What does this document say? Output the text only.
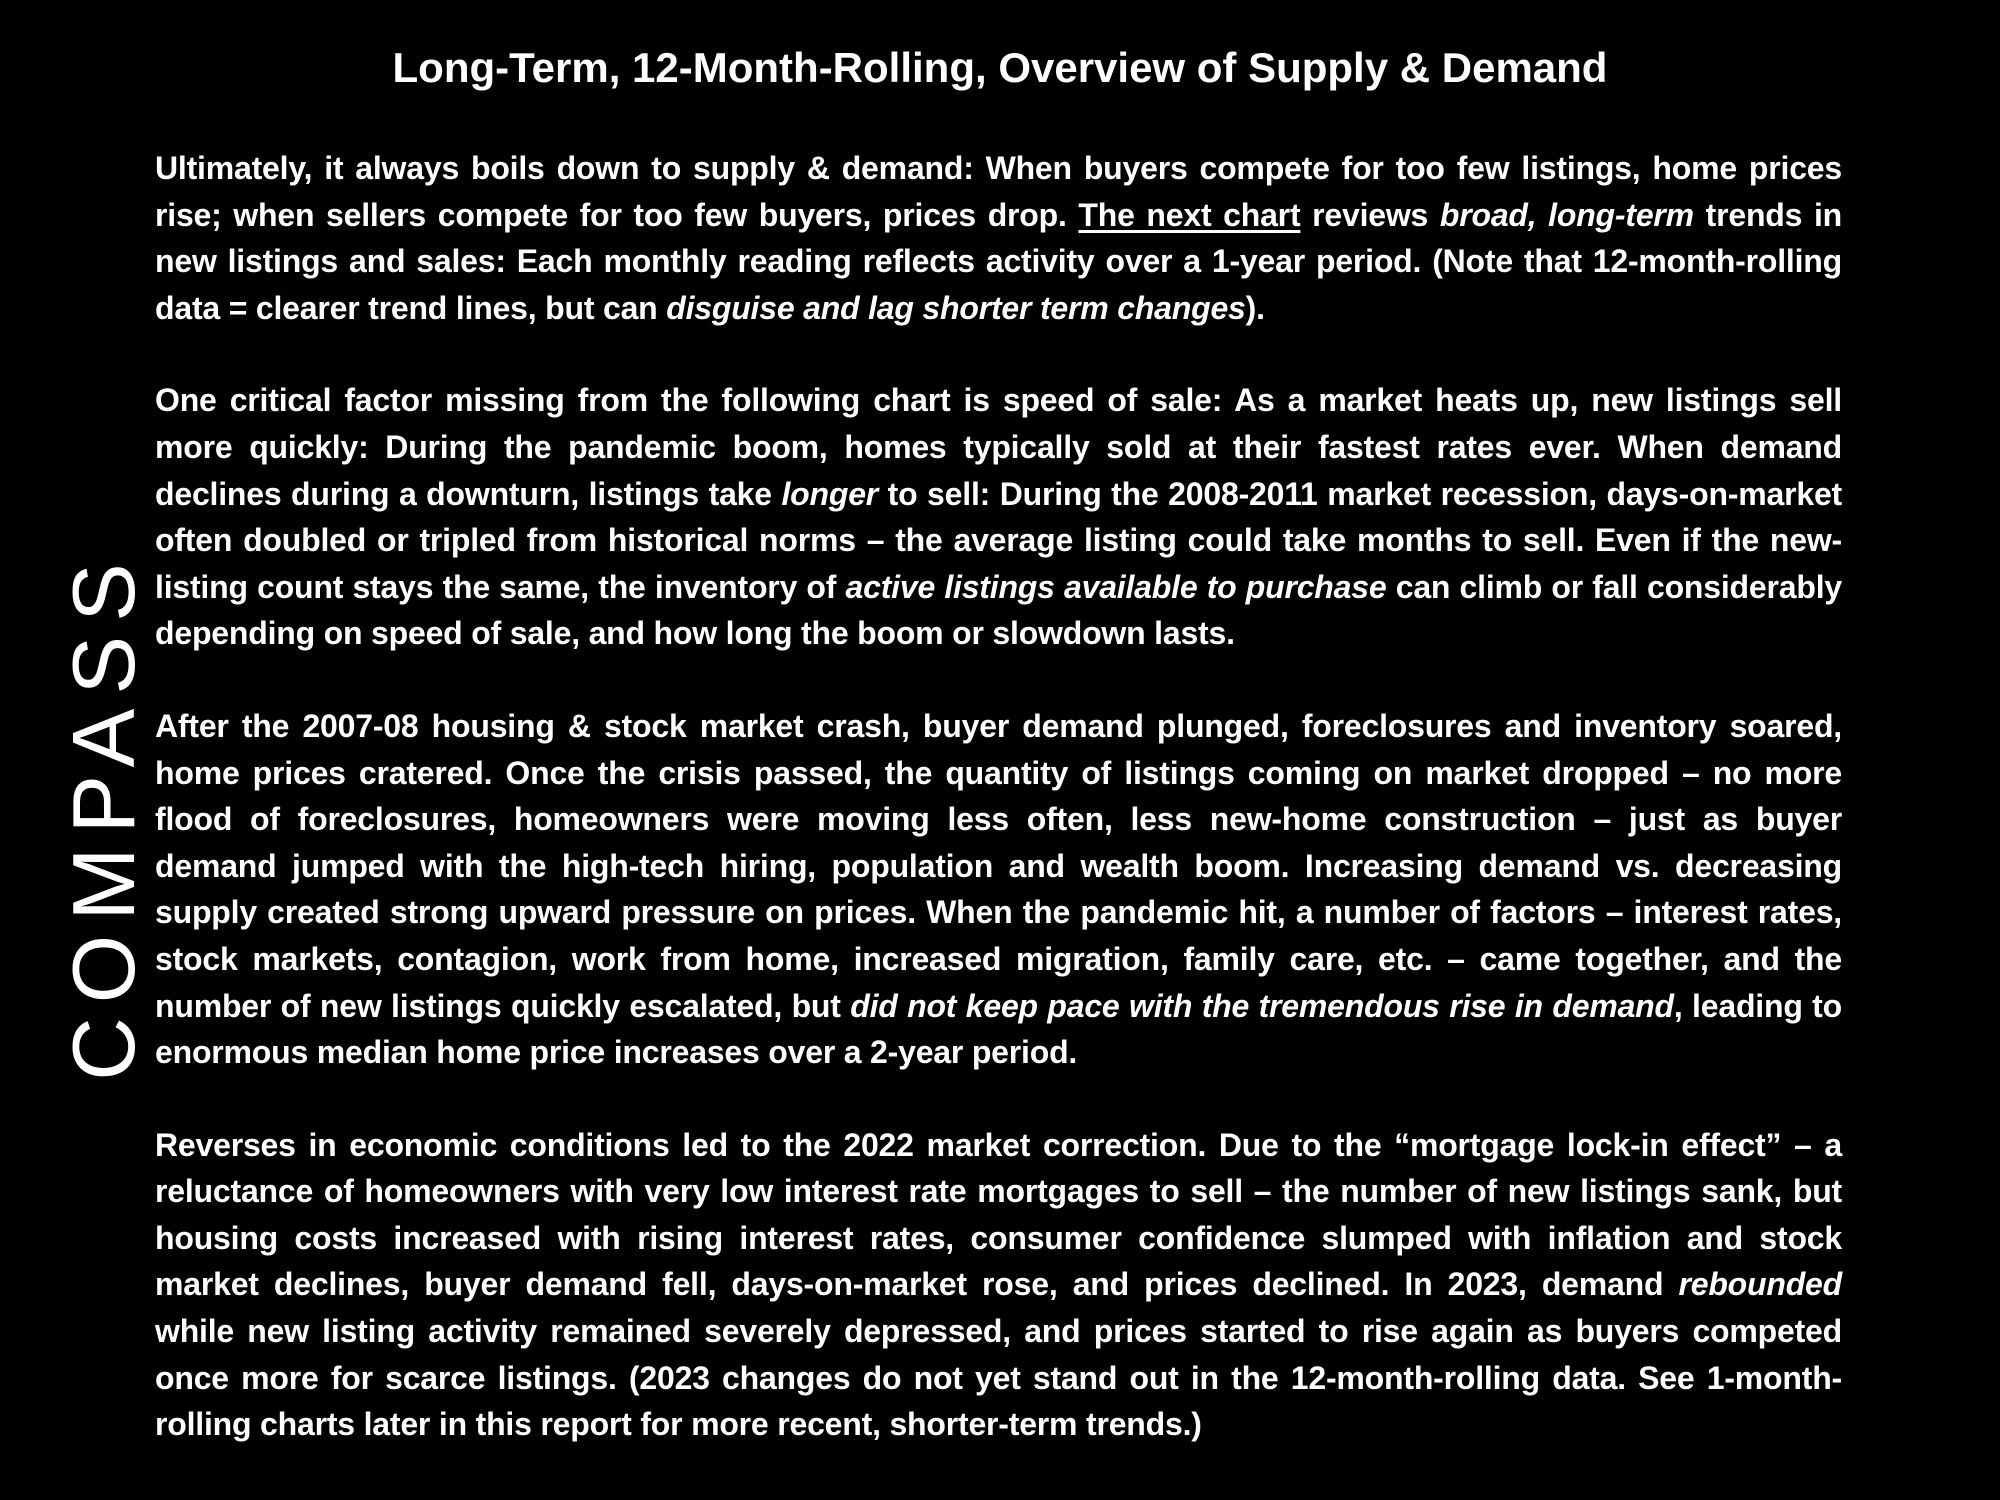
COMPASS
Long-Term, 12-Month-Rolling, Overview of Supply & Demand

Ultimately, it always boils down to supply & demand: When buyers compete for too few listings, home prices rise; when sellers compete for too few buyers, prices drop. The next chart reviews broad, long-term trends in new listings and sales: Each monthly reading reflects activity over a 1-year period. (Note that 12-month-rolling data = clearer trend lines, but can disguise and lag shorter term changes).

One critical factor missing from the following chart is speed of sale: As a market heats up, new listings sell more quickly: During the pandemic boom, homes typically sold at their fastest rates ever. When demand declines during a downturn, listings take longer to sell: During the 2008-2011 market recession, days-on-market often doubled or tripled from historical norms – the average listing could take months to sell. Even if the new-listing count stays the same, the inventory of active listings available to purchase can climb or fall considerably depending on speed of sale, and how long the boom or slowdown lasts.

After the 2007-08 housing & stock market crash, buyer demand plunged, foreclosures and inventory soared, home prices cratered. Once the crisis passed, the quantity of listings coming on market dropped – no more flood of foreclosures, homeowners were moving less often, less new-home construction – just as buyer demand jumped with the high-tech hiring, population and wealth boom. Increasing demand vs. decreasing supply created strong upward pressure on prices. When the pandemic hit, a number of factors – interest rates, stock markets, contagion, work from home, increased migration, family care, etc. – came together, and the number of new listings quickly escalated, but did not keep pace with the tremendous rise in demand, leading to enormous median home price increases over a 2-year period.

Reverses in economic conditions led to the 2022 market correction. Due to the “mortgage lock-in effect” – a reluctance of homeowners with very low interest rate mortgages to sell – the number of new listings sank, but housing costs increased with rising interest rates, consumer confidence slumped with inflation and stock market declines, buyer demand fell, days-on-market rose, and prices declined. In 2023, demand rebounded while new listing activity remained severely depressed, and prices started to rise again as buyers competed once more for scarce listings. (2023 changes do not yet stand out in the 12-month-rolling data. See 1-month-rolling charts later in this report for more recent, shorter-term trends.)
